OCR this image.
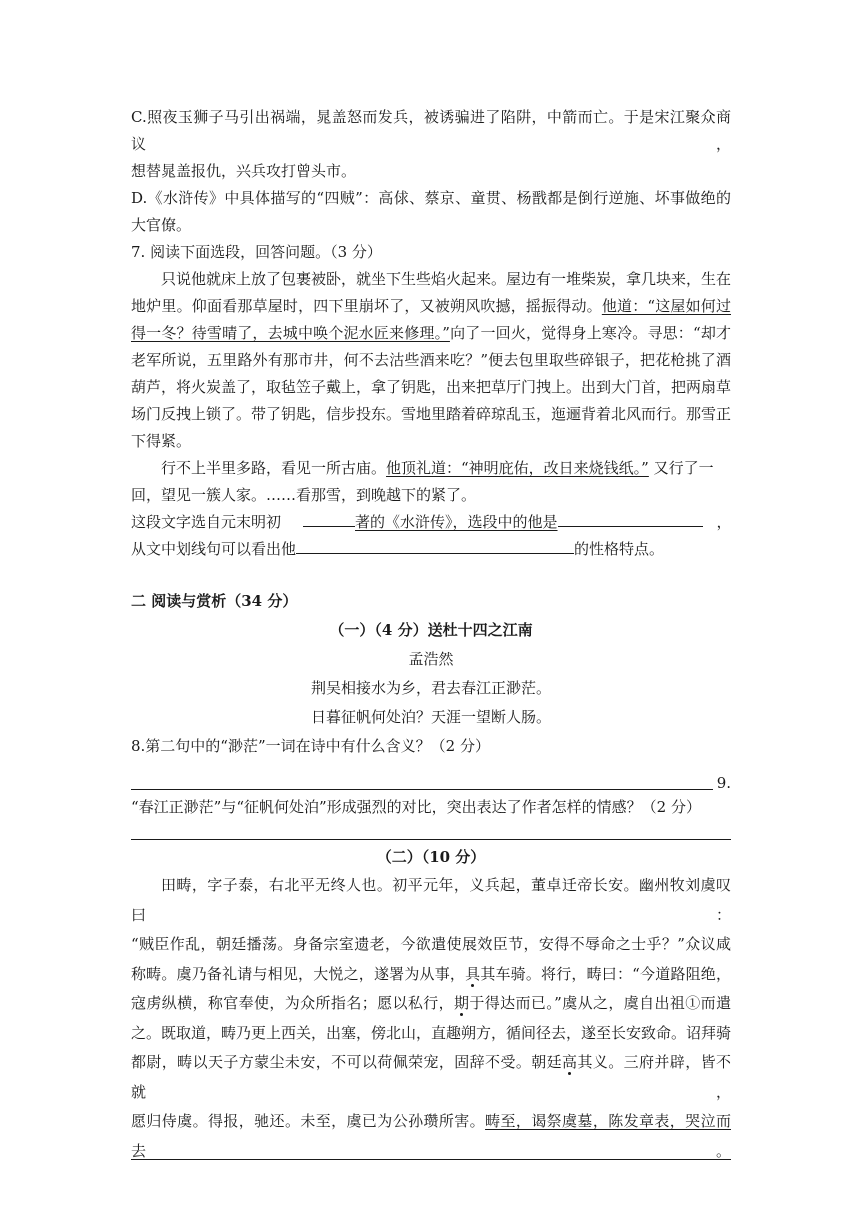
C.照夜玉狮子马引出祸端，晁盖怒而发兵，被诱骗进了陷阱，中箭而亡。于是宋江聚众商议，
想替晁盖报仇，兴兵攻打曾头市。
D.《水浒传》中具体描写的“四贼”：高俅、蔡京、童贯、杨戬都是倒行逆施、坏事做绝的
大官僚。
7. 阅读下面选段，回答问题。（3 分）
只说他就床上放了包裹被卧，就坐下生些焰火起来。屋边有一堆柴炭，拿几块来，生在
地炉里。仰面看那草屋时，四下里崩坏了，又被朔风吹撼，摇振得动。他道：“这屋如何过
得一冬？待雪晴了，去城中唤个泥水匠来修理。”向了一回火，觉得身上寒冷。寻思：“却才
老军所说，五里路外有那市井，何不去沽些酒来吃？”便去包里取些碎银子，把花枪挑了酒
葫芦，将火炭盖了，取毡笠子戴上，拿了钥匙，出来把草厅门拽上。出到大门首，把两扇草
场门反拽上锁了。带了钥匙，信步投东。雪地里踏着碎琼乱玉，迤逦背着北风而行。那雪正
下得紧。
行不上半里多路，看见一所古庙。他顶礼道：“神明庇佑，改日来烧钱纸。” 又行了一
回，望见一簇人家。……看那雪，到晚越下的紧了。
这段文字选自元末明初	著的《水浒传》，选段中的他是	，
从文中划线句可以看出他	的性格特点。
二 阅读与赏析（34 分）
（一）（4 分）送杜十四之江南
孟浩然
荆吴相接水为乡，君去春江正渺茫。
日暮征帆何处泊？天涯一望断人肠。
8.第二句中的“渺茫”一词在诗中有什么含义？（2 分）
9.
“春江正渺茫”与“征帆何处泊”形成强烈的对比，突出表达了作者怎样的情感？（2 分）
（二）（10 分）
田畴，字子泰，右北平无终人也。初平元年，义兵起，董卓迁帝长安。幽州牧刘虞叹曰：
“贼臣作乱，朝廷播荡。身备宗室遗老，今欲遣使展效臣节，安得不辱命之士乎？”众议咸
称畴。虞乃备礼请与相见，大悦之，遂署为从事，具其车骑。将行，畴曰：“今道路阻绝，
寇虏纵横，称官奉使，为众所指名；愿以私行，期于得达而已。”虞从之，虞自出祖①而遣
之。既取道，畴乃更上西关，出塞，傍北山，直趣朔方，循间径去，遂至长安致命。诏拜骑
都尉，畴以天子方蒙尘未安，不可以荷佩荣宠，固辞不受。朝廷高其义。三府并辟，皆不就，
愿归侍虞。得报，驰还。未至，虞已为公孙瓒所害。畴至，谒祭虞墓，陈发章表，哭泣而去。
